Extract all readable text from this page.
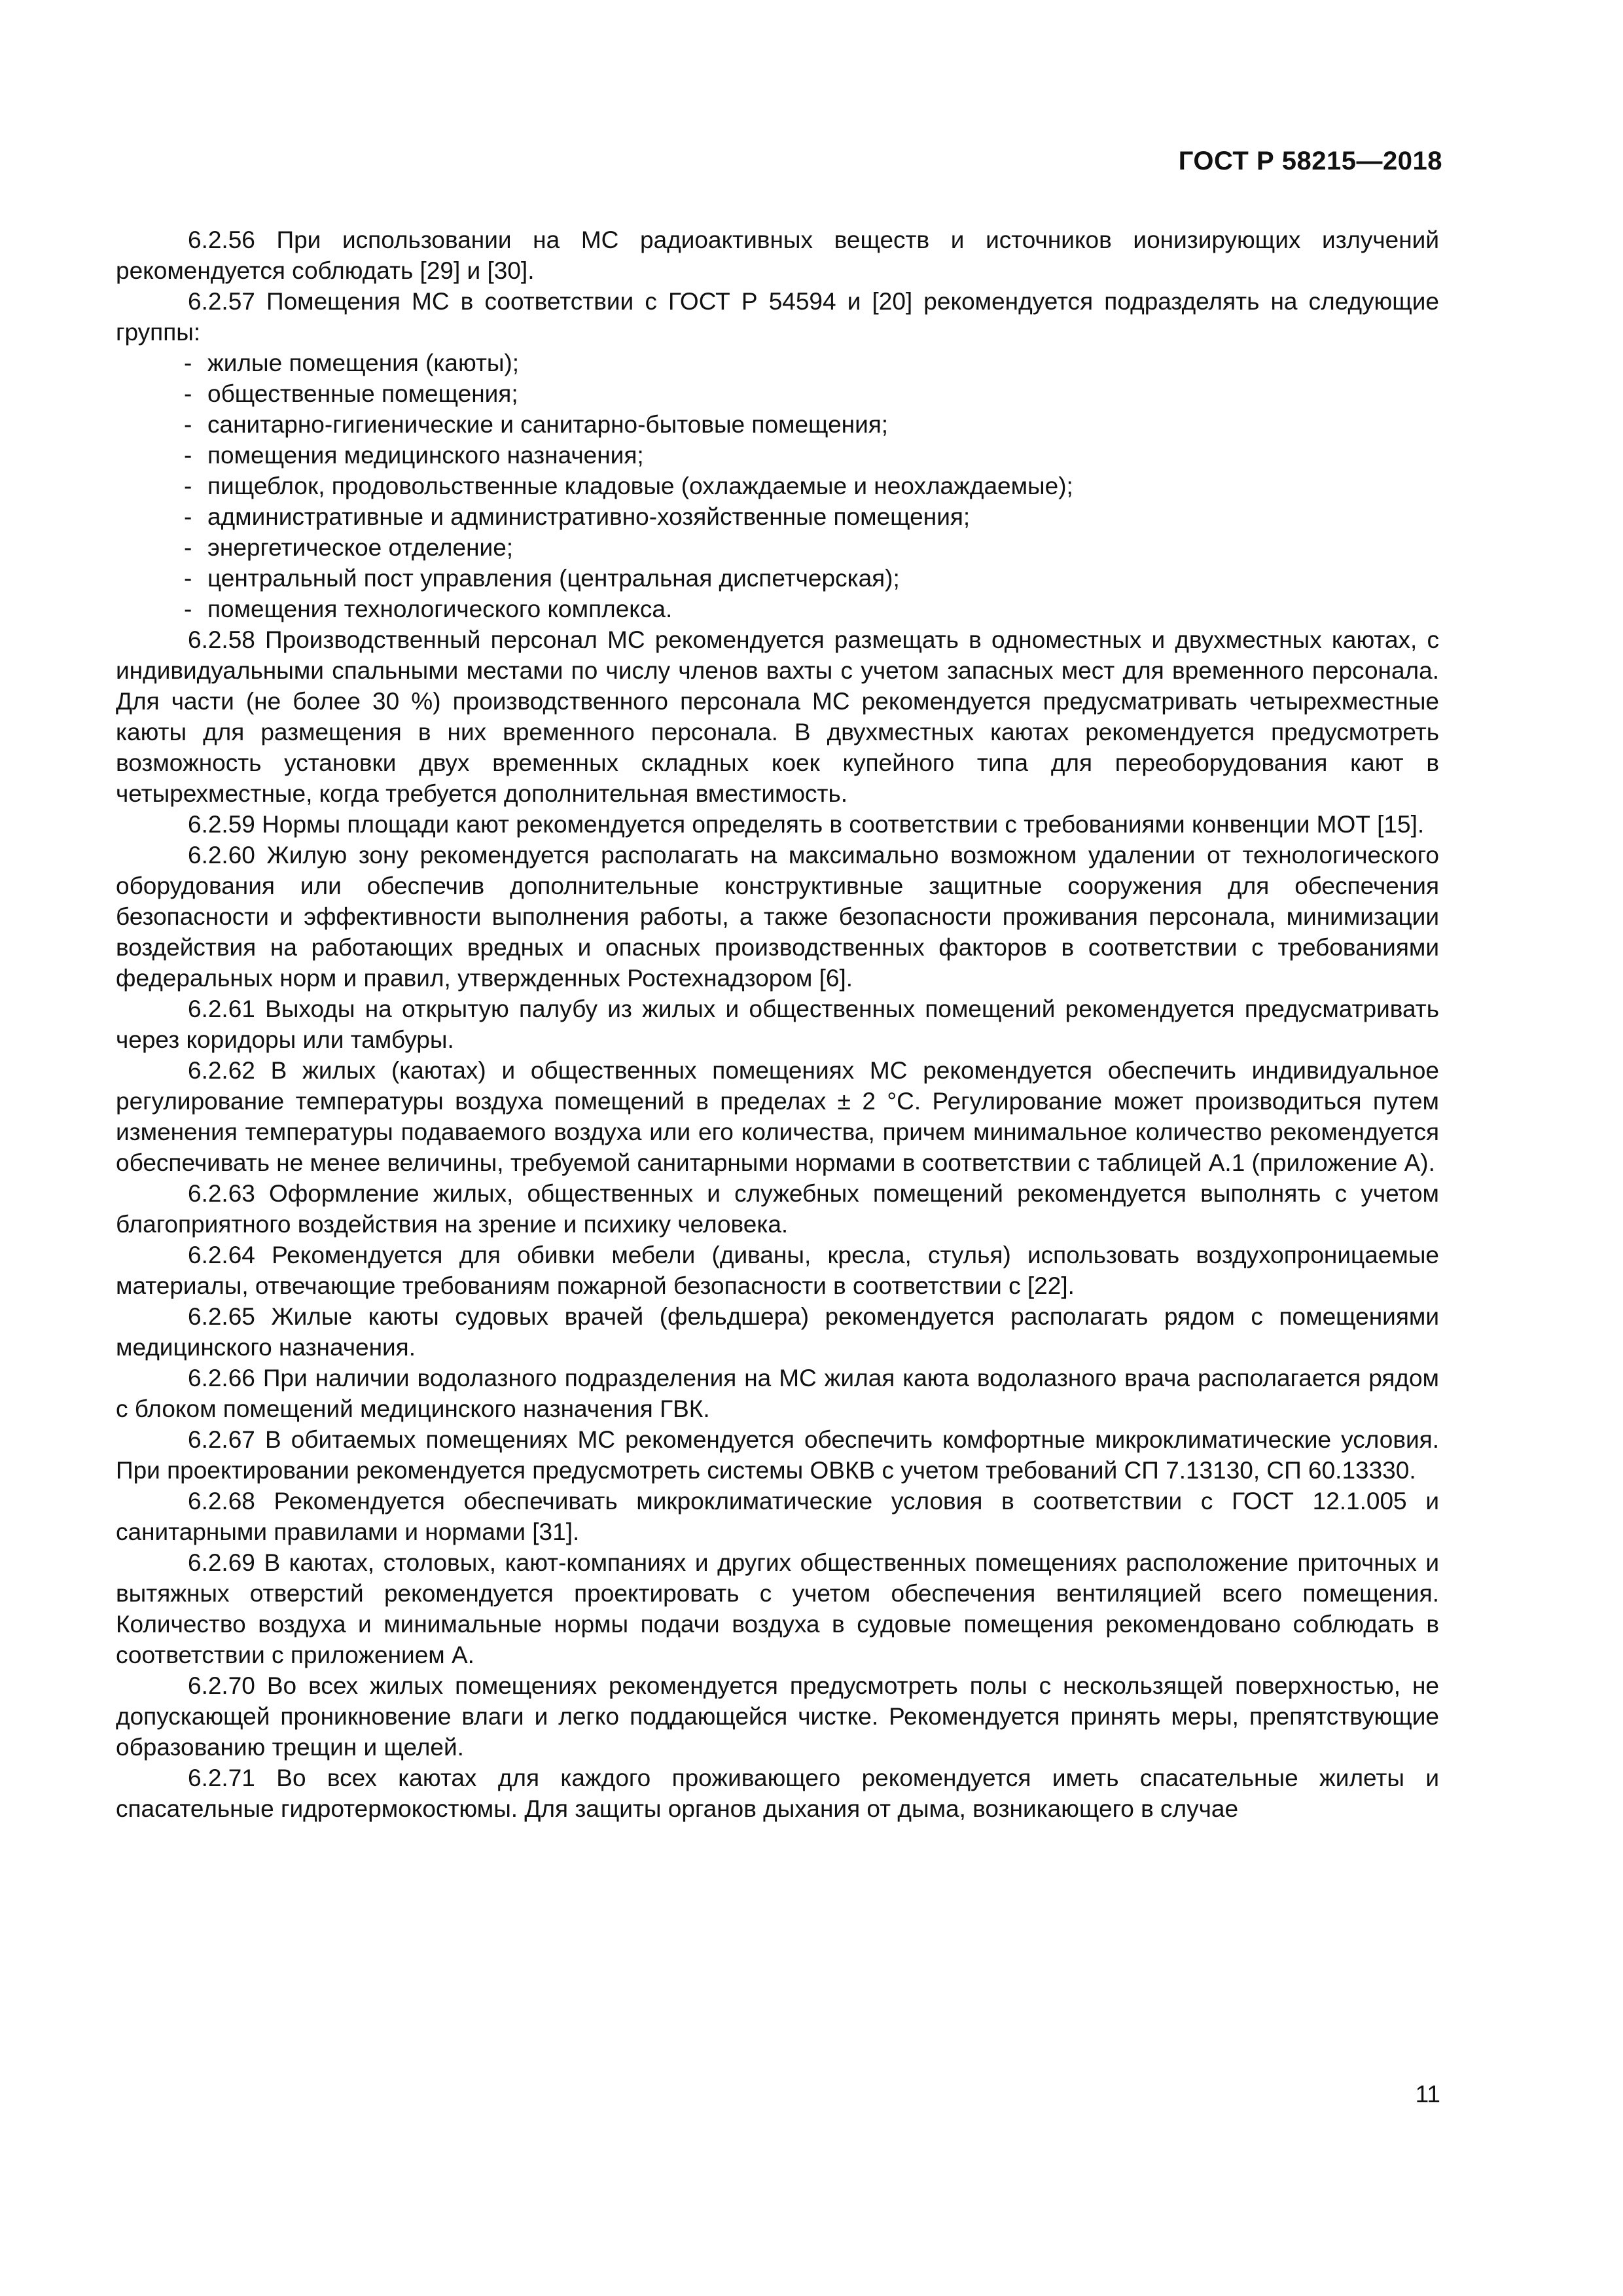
ГОСТ Р 58215—2018

6.2.56 При использовании на МС радиоактивных веществ и источников ионизирующих излучений рекомендуется соблюдать [29] и [30].

6.2.57 Помещения МС в соответствии с ГОСТ Р 54594 и [20] рекомендуется подразделять на следующие группы:

- жилые помещения (каюты);
- общественные помещения;
- санитарно-гигиенические и санитарно-бытовые помещения;
- помещения медицинского назначения;
- пищеблок, продовольственные кладовые (охлаждаемые и неохлаждаемые);
- административные и административно-хозяйственные помещения;
- энергетическое отделение;
- центральный пост управления (центральная диспетчерская);
- помещения технологического комплекса.

6.2.58 Производственный персонал МС рекомендуется размещать в одноместных и двухместных каютах, с индивидуальными спальными местами по числу членов вахты с учетом запасных мест для временного персонала. Для части (не более 30 %) производственного персонала МС рекомендуется предусматривать четырехместные каюты для размещения в них временного персонала. В двухместных каютах рекомендуется предусмотреть возможность установки двух временных складных коек купейного типа для переоборудования кают в четырехместные, когда требуется дополнительная вместимость.

6.2.59 Нормы площади кают рекомендуется определять в соответствии с требованиями конвенции МОТ [15].

6.2.60 Жилую зону рекомендуется располагать на максимально возможном удалении от технологического оборудования или обеспечив дополнительные конструктивные защитные сооружения для обеспечения безопасности и эффективности выполнения работы, а также безопасности проживания персонала, минимизации воздействия на работающих вредных и опасных производственных факторов в соответствии с требованиями федеральных норм и правил, утвержденных Ростехнадзором [6].

6.2.61 Выходы на открытую палубу из жилых и общественных помещений рекомендуется предусматривать через коридоры или тамбуры.

6.2.62 В жилых (каютах) и общественных помещениях МС рекомендуется обеспечить индивидуальное регулирование температуры воздуха помещений в пределах ± 2 °С. Регулирование может производиться путем изменения температуры подаваемого воздуха или его количества, причем минимальное количество рекомендуется обеспечивать не менее величины, требуемой санитарными нормами в соответствии с таблицей А.1 (приложение А).

6.2.63 Оформление жилых, общественных и служебных помещений рекомендуется выполнять с учетом благоприятного воздействия на зрение и психику человека.

6.2.64 Рекомендуется для обивки мебели (диваны, кресла, стулья) использовать воздухопроницаемые материалы, отвечающие требованиям пожарной безопасности в соответствии с [22].

6.2.65 Жилые каюты судовых врачей (фельдшера) рекомендуется располагать рядом с помещениями медицинского назначения.

6.2.66 При наличии водолазного подразделения на МС жилая каюта водолазного врача располагается рядом с блоком помещений медицинского назначения ГВК.

6.2.67 В обитаемых помещениях МС рекомендуется обеспечить комфортные микроклиматические условия. При проектировании рекомендуется предусмотреть системы ОВКВ с учетом требований СП 7.13130, СП 60.13330.

6.2.68 Рекомендуется обеспечивать микроклиматические условия в соответствии с ГОСТ 12.1.005 и санитарными правилами и нормами [31].

6.2.69 В каютах, столовых, кают-компаниях и других общественных помещениях расположение приточных и вытяжных отверстий рекомендуется проектировать с учетом обеспечения вентиляцией всего помещения. Количество воздуха и минимальные нормы подачи воздуха в судовые помещения рекомендовано соблюдать в соответствии с приложением А.

6.2.70 Во всех жилых помещениях рекомендуется предусмотреть полы с нескользящей поверхностью, не допускающей проникновение влаги и легко поддающейся чистке. Рекомендуется принять меры, препятствующие образованию трещин и щелей.

6.2.71 Во всех каютах для каждого проживающего рекомендуется иметь спасательные жилеты и спасательные гидротермокостюмы. Для защиты органов дыхания от дыма, возникающего в случае

11
